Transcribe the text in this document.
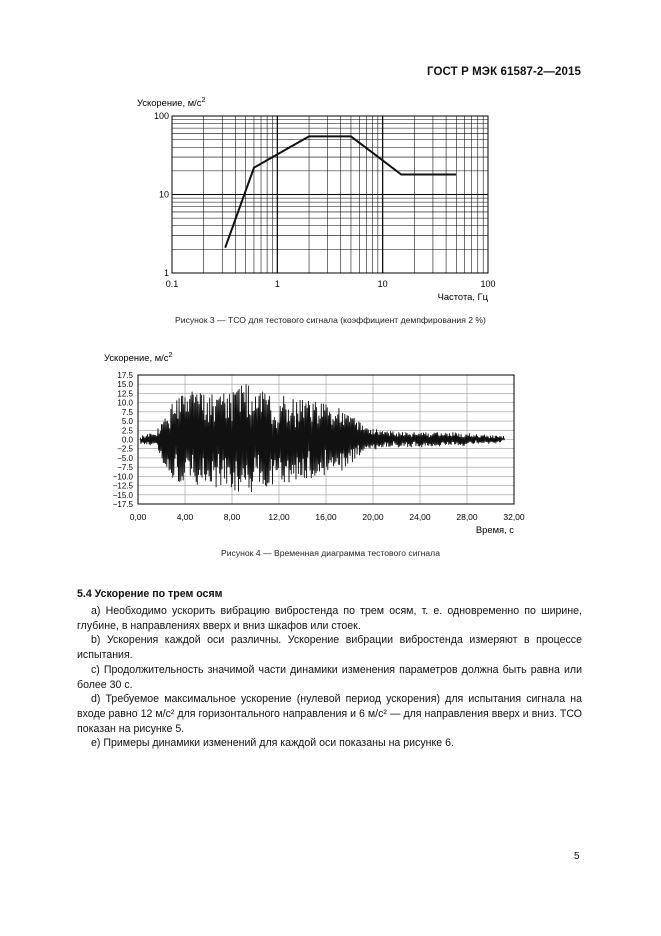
ГОСТ Р МЭК 61587-2—2015
0.1	1	10	100
1
10
100
Ускорение, $м/с^2$
Частота, Гц
Рисунок 3 — ТСО для тестового сигнала (коэффициент демпфирования 2 %)
0,00	4,00	8,00	12,00	16,00	20,00	24,00	28,00	32,00
17.5
15.0
12.5
10.0
7.5
5.0
2.5
0.0
−2.5
−5.0
−7.5
−10.0
−12.5
−15.0
−17.5
Ускорение, $м/с^2$
Время, с
Рисунок 4 — Временная диаграмма тестового сигнала
5.4 Ускорение по трем осям

а) Необходимо ускорить вибрацию вибростенда по трем осям, т. е. одновременно по ширине, глубине, в направлениях вверх и вниз шкафов или стоек.

b) Ускорения каждой оси различны. Ускорение вибрации вибростенда измеряют в процессе испытания.

c) Продолжительность значимой части динамики изменения параметров должна быть равна или более 30 с.

d) Требуемое максимальное ускорение (нулевой период ускорения) для испытания сигнала на входе равно 12 м/с² для горизонтального направления и 6 м/с² — для направления вверх и вниз. ТСО показан на рисунке 5.

е) Примеры динамики изменений для каждой оси показаны на рисунке 6.

5
